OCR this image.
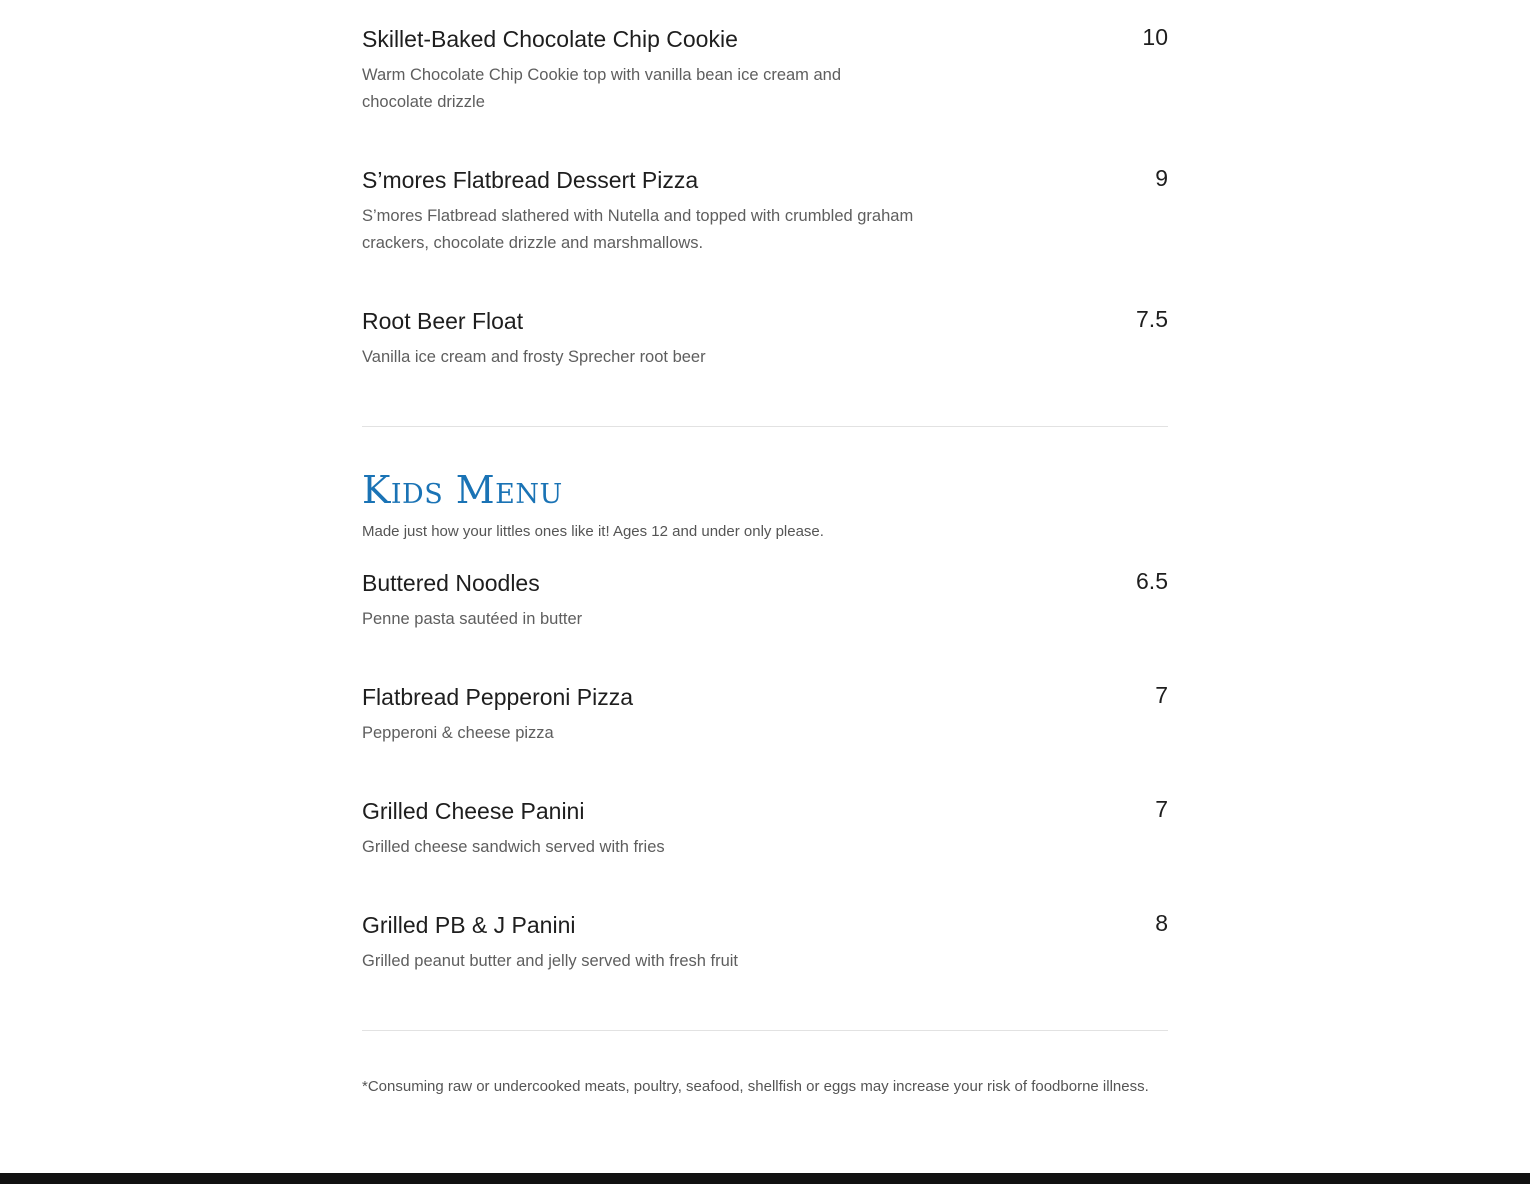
Skillet-Baked Chocolate Chip Cookie
Warm Chocolate Chip Cookie top with vanilla bean ice cream and chocolate drizzle
10
S’mores Flatbread Dessert Pizza
S’mores Flatbread slathered with Nutella and topped with crumbled graham crackers, chocolate drizzle and marshmallows.
9
Root Beer Float
Vanilla ice cream and frosty Sprecher root beer
7.5
Kids Menu
Made just how your littles ones like it! Ages 12 and under only please.
Buttered Noodles
Penne pasta sautéed in butter
6.5
Flatbread Pepperoni Pizza
Pepperoni & cheese pizza
7
Grilled Cheese Panini
Grilled cheese sandwich served with fries
7
Grilled PB & J Panini
Grilled peanut butter and jelly served with fresh fruit
8
*Consuming raw or undercooked meats, poultry, seafood, shellfish or eggs may increase your risk of foodborne illness.
